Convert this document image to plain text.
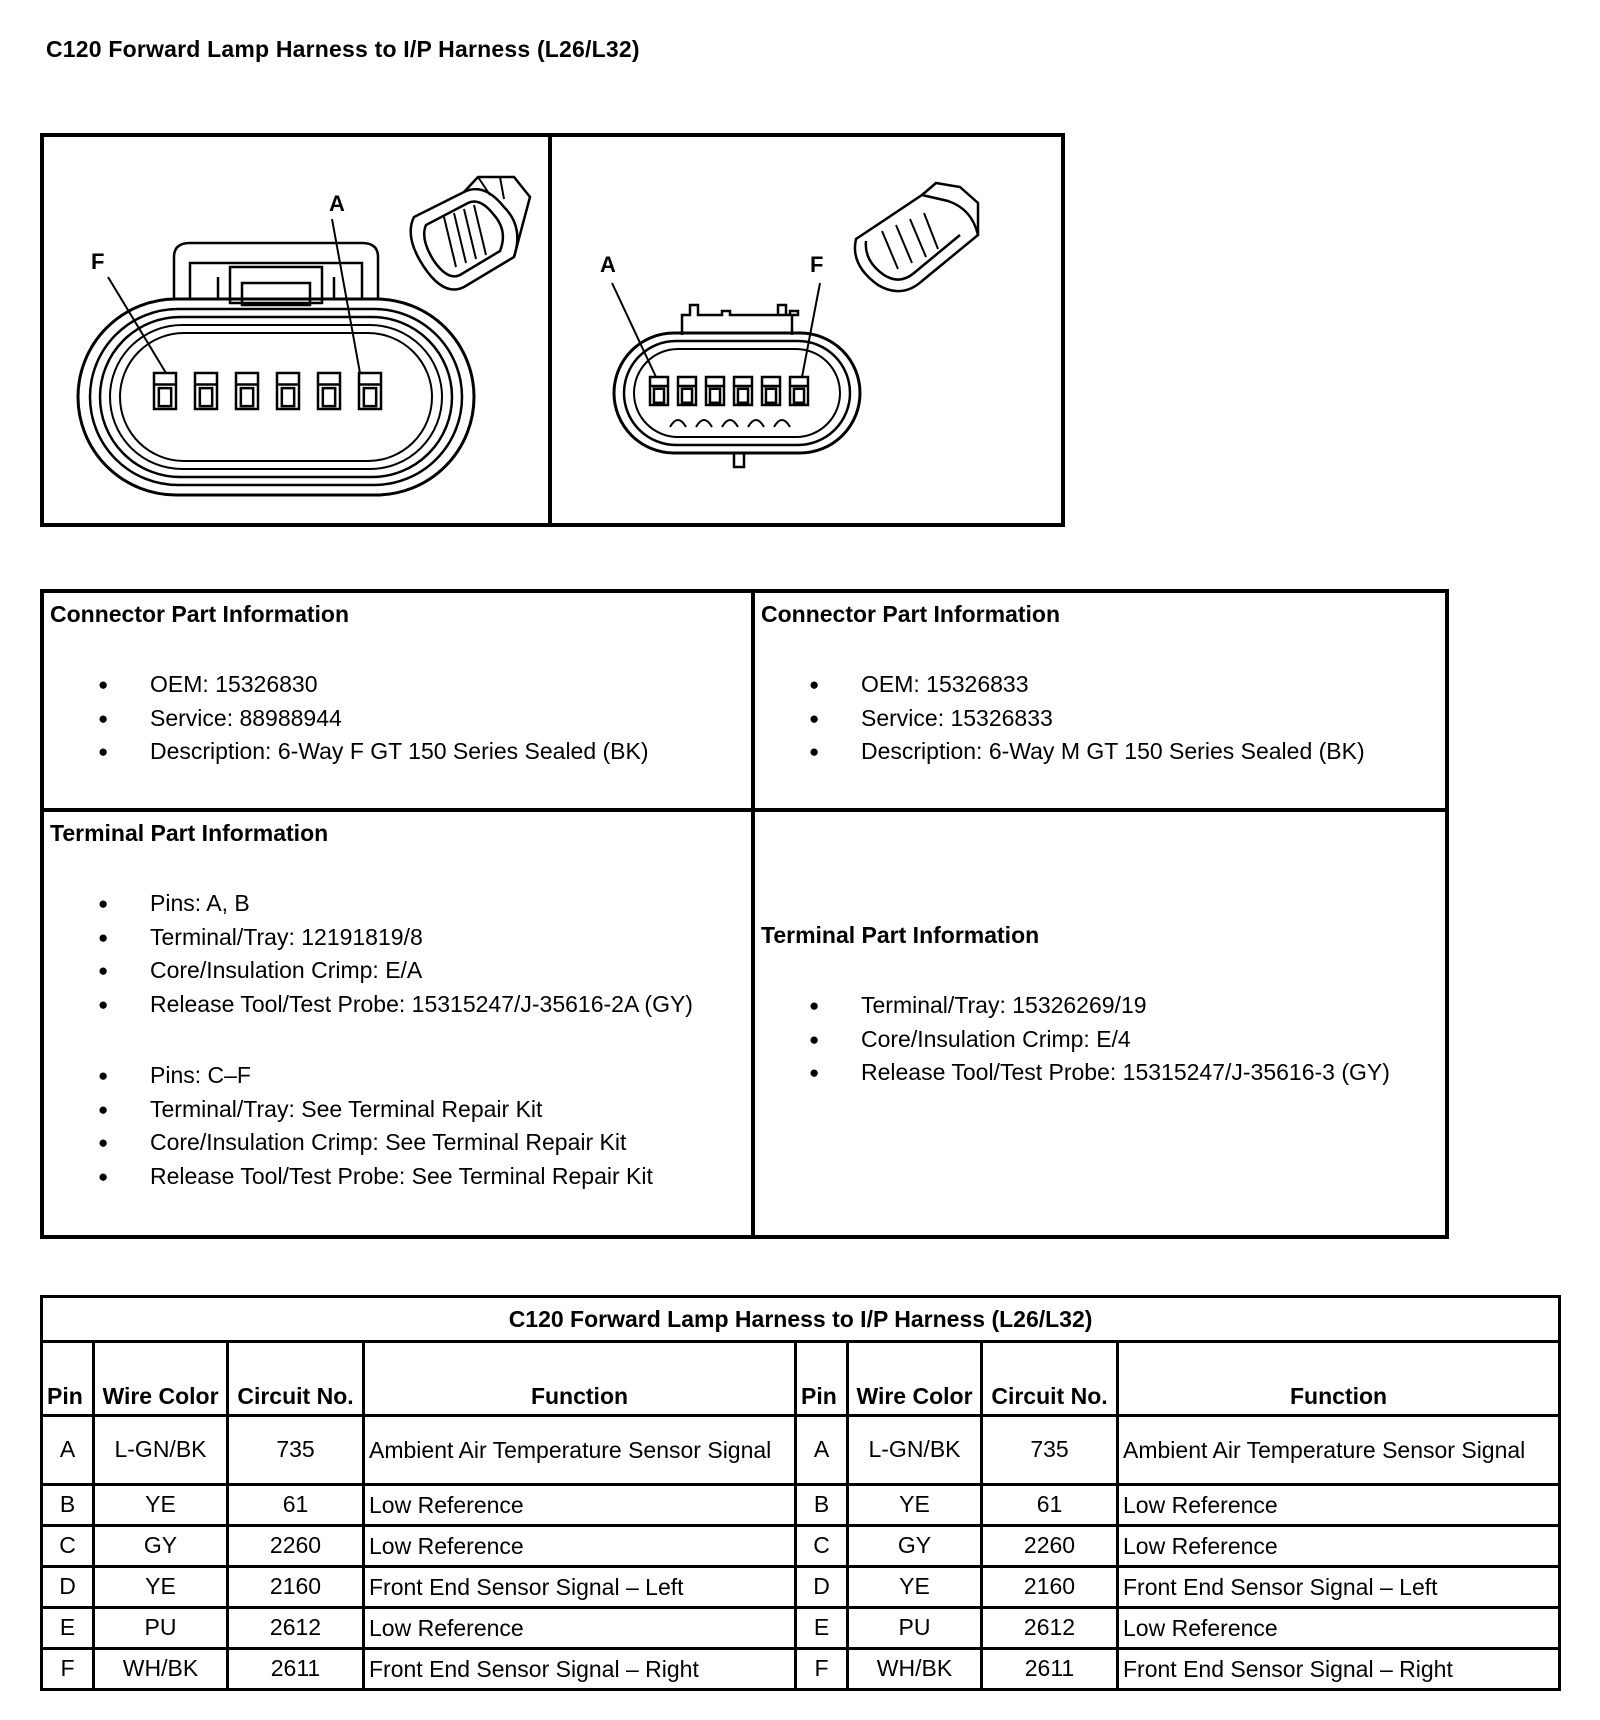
C120 Forward Lamp Harness to I/P Harness (L26/L32)
F
A
A	F
Connector Part Information
● OEM: 15326830
● Service: 88988944
● Description: 6-Way F GT 150 Series Sealed (BK)
Connector Part Information
● OEM: 15326833
● Service: 15326833
● Description: 6-Way M GT 150 Series Sealed (BK)
Terminal Part Information
● Pins: A, B
● Terminal/Tray: 12191819/8
● Core/Insulation Crimp: E/A
● Release Tool/Test Probe: 15315247/J-35616-2A (GY)
● Pins: C–F
● Terminal/Tray: See Terminal Repair Kit
● Core/Insulation Crimp: See Terminal Repair Kit
● Release Tool/Test Probe: See Terminal Repair Kit
Terminal Part Information
● Terminal/Tray: 15326269/19
● Core/Insulation Crimp: E/4
● Release Tool/Test Probe: 15315247/J-35616-3 (GY)
C120 Forward Lamp Harness to I/P Harness (L26/L32)							
Pin	Wire Color	Circuit No.	Function	Pin	Wire Color	Circuit No.	Function
A	L-GN/BK	735	Ambient Air Temperature Sensor Signal	A	L-GN/BK	735	Ambient Air Temperature Sensor Signal
B	YE	61	Low Reference	B	YE	61	Low Reference
C	GY	2260	Low Reference	C	GY	2260	Low Reference
D	YE	2160	Front End Sensor Signal – Left	D	YE	2160	Front End Sensor Signal – Left
E	PU	2612	Low Reference	E	PU	2612	Low Reference
F	WH/BK	2611	Front End Sensor Signal – Right	F	WH/BK	2611	Front End Sensor Signal – Right
